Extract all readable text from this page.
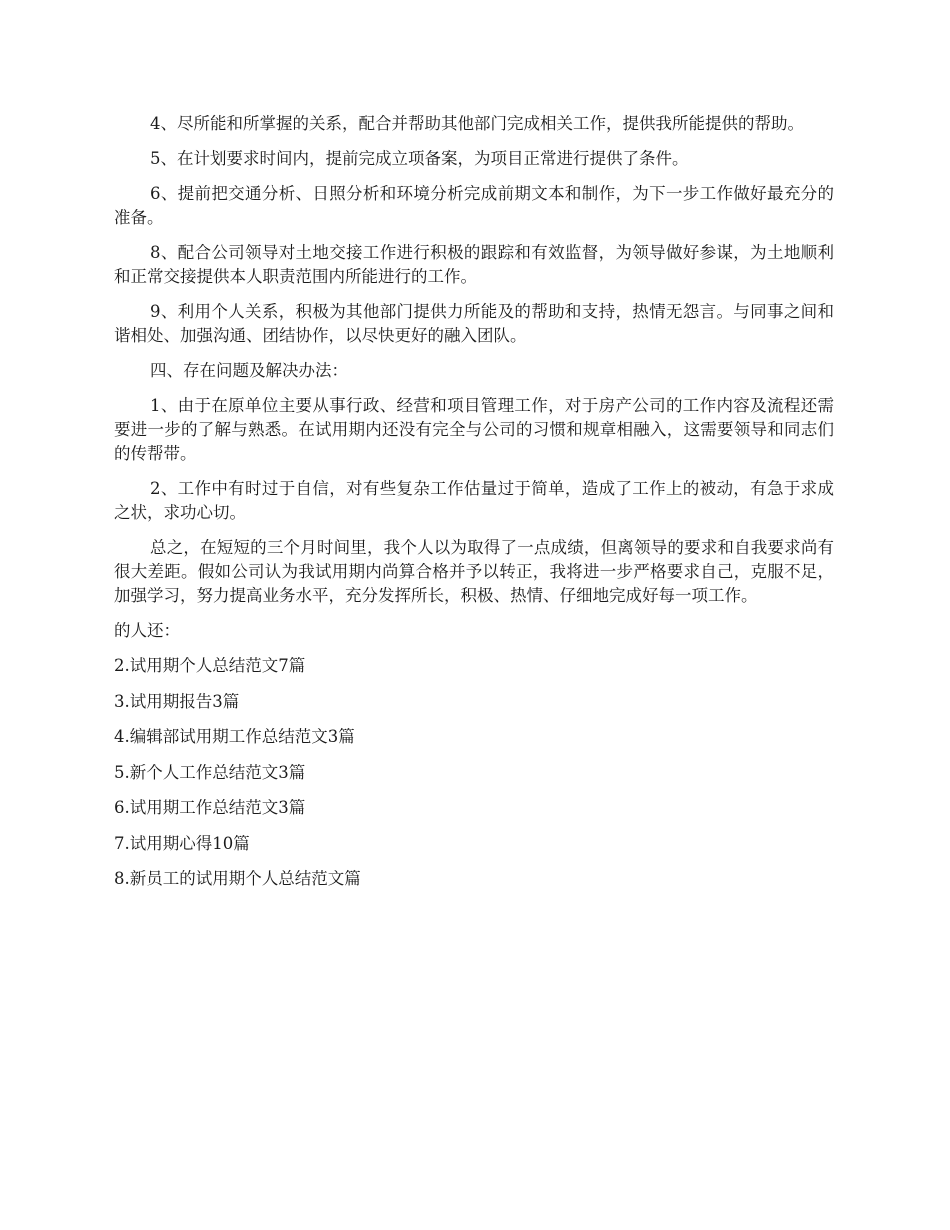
4、尽所能和所掌握的关系，配合并帮助其他部门完成相关工作，提供我所能提供的帮助。

5、在计划要求时间内，提前完成立项备案，为项目正常进行提供了条件。

6、提前把交通分析、日照分析和环境分析完成前期文本和制作，为下一步工作做好最充分的准备。

8、配合公司领导对土地交接工作进行积极的跟踪和有效监督，为领导做好参谋，为土地顺利和正常交接提供本人职责范围内所能进行的工作。

9、利用个人关系，积极为其他部门提供力所能及的帮助和支持，热情无怨言。与同事之间和谐相处、加强沟通、团结协作，以尽快更好的融入团队。

四、存在问题及解决办法：

1、由于在原单位主要从事行政、经营和项目管理工作，对于房产公司的工作内容及流程还需要进一步的了解与熟悉。在试用期内还没有完全与公司的习惯和规章相融入，这需要领导和同志们的传帮带。

2、工作中有时过于自信，对有些复杂工作估量过于简单，造成了工作上的被动，有急于求成之状，求功心切。

总之，在短短的三个月时间里，我个人以为取得了一点成绩，但离领导的要求和自我要求尚有很大差距。假如公司认为我试用期内尚算合格并予以转正，我将进一步严格要求自己，克服不足，加强学习，努力提高业务水平，充分发挥所长，积极、热情、仔细地完成好每一项工作。

的人还：

2.试用期个人总结范文7篇
3.试用期报告3篇
4.编辑部试用期工作总结范文3篇
5.新个人工作总结范文3篇
6.试用期工作总结范文3篇
7.试用期心得10篇
8.新员工的试用期个人总结范文篇
